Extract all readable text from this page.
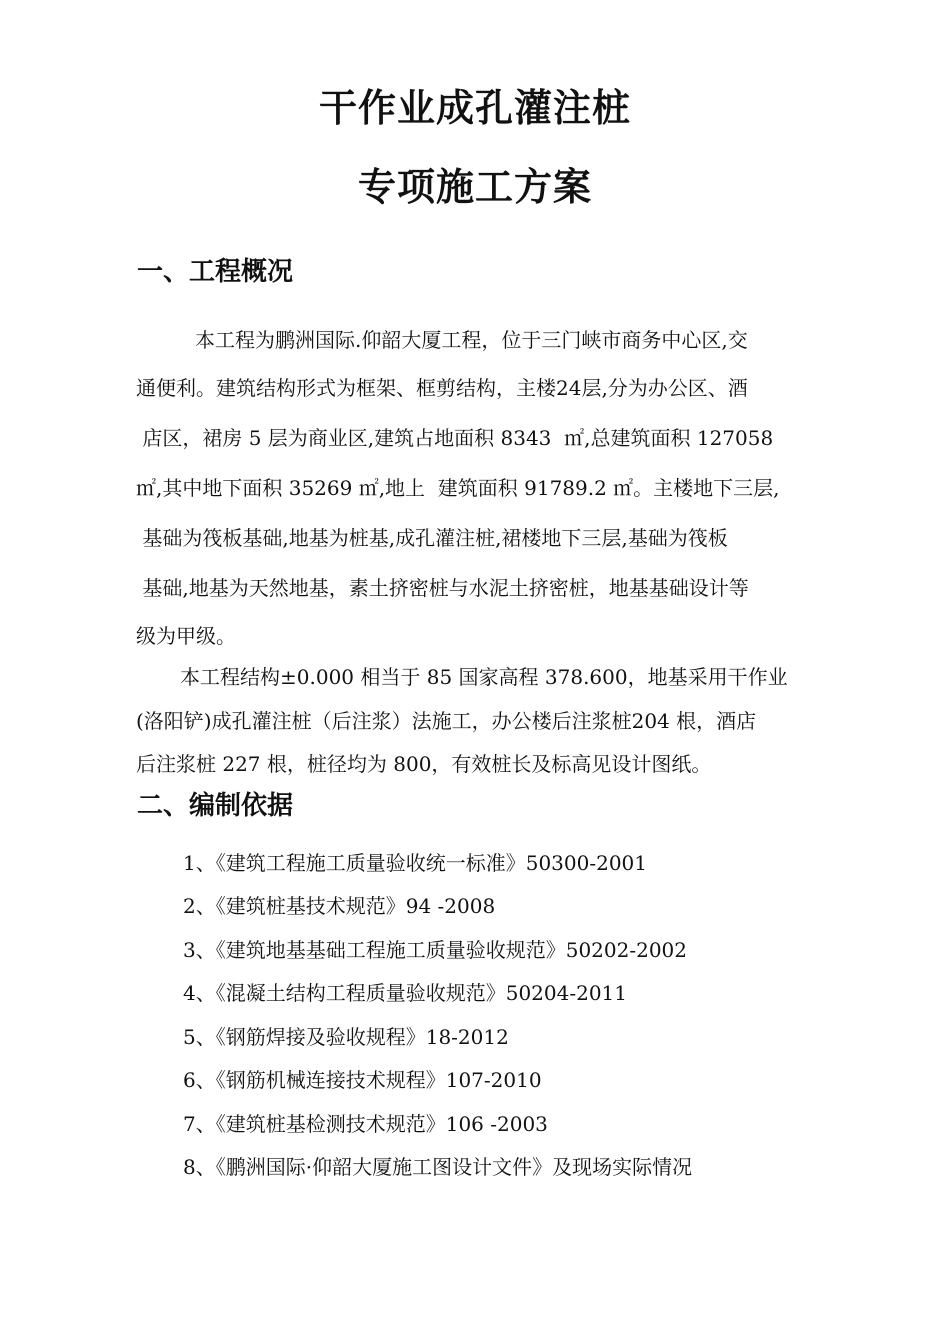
干作业成孔灌注桩
专项施工方案
一、工程概况
本工程为鹏洲国际.仰韶大厦工程，位于三门峡市商务中心区,交
通便利。建筑结构形式为框架、框剪结构，主楼24层,分为办公区、酒
店区，裙房 5 层为商业区,建筑占地面积 8343  ㎡,总建筑面积 127058
㎡,其中地下面积 35269 ㎡,地上  建筑面积 91789.2 ㎡。主楼地下三层,
基础为筏板基础,地基为桩基,成孔灌注桩,裙楼地下三层,基础为筏板
基础,地基为天然地基，素土挤密桩与水泥土挤密桩，地基基础设计等
级为甲级。
本工程结构±0.000 相当于 85 国家高程 378.600，地基采用干作业
(洛阳铲)成孔灌注桩（后注浆）法施工，办公楼后注浆桩204 根，酒店
后注浆桩 227 根，桩径均为 800，有效桩长及标高见设计图纸。
二、编制依据
1、《建筑工程施工质量验收统一标准》50300-2001
2、《建筑桩基技术规范》94 -2008
3、《建筑地基基础工程施工质量验收规范》50202-2002
4、《混凝土结构工程质量验收规范》50204-2011
5、《钢筋焊接及验收规程》18-2012
6、《钢筋机械连接技术规程》107-2010
7、《建筑桩基检测技术规范》106 -2003
8、《鹏洲国际·仰韶大厦施工图设计文件》及现场实际情况
